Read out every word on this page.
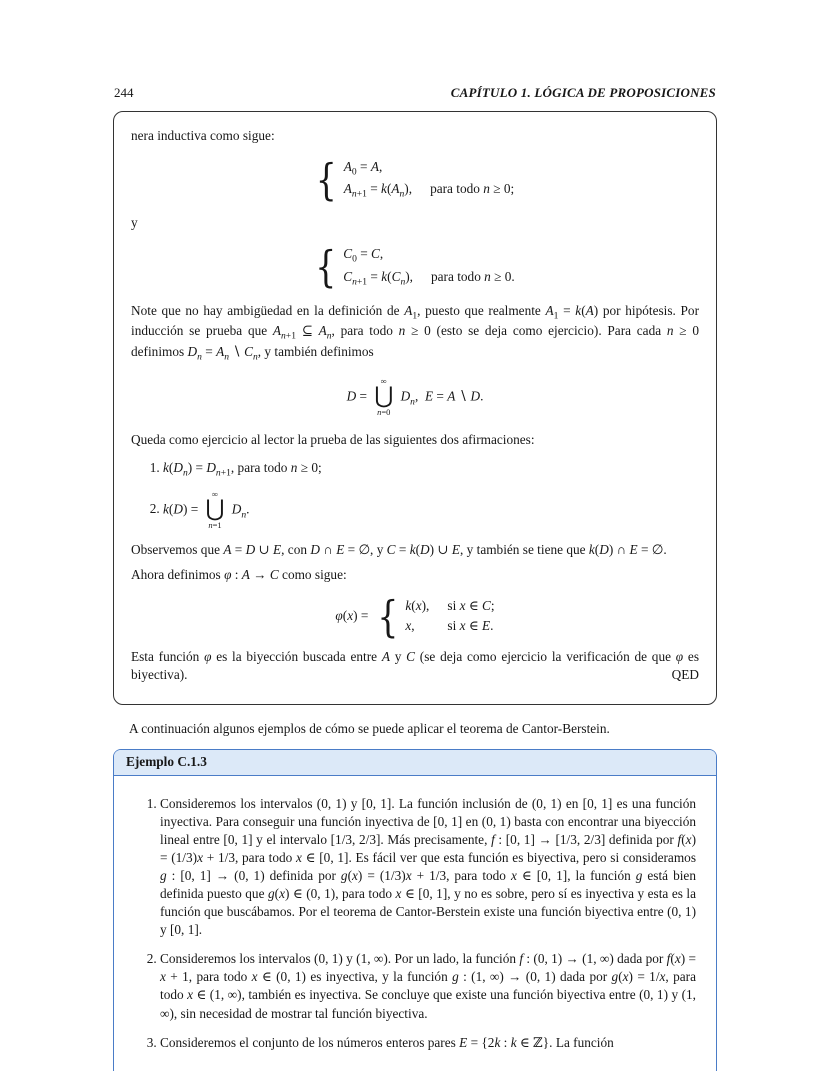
244	CAPÍTULO 1. LÓGICA DE PROPOSICIONES

nera inductiva como sigue:

{ $A_0 = A$,
$A_{n+1} = k(A_n)$, para todo n ≥ 0;

y

{ $C_0 = C$,
$C_{n+1} = k(C_n)$, para todo n ≥ 0.

Note que no hay ambigüedad en la definición de $A_1$, puesto que realmente $A_1 = k(A)$ por hipótesis. Por inducción se prueba que $A_{n+1}$ ⊆ $A_n$, para todo n ≥ 0 (esto se deja como ejercicio). Para cada n ≥ 0 definimos $D_n = A_n$ ∖ $C_n$, y también definimos

D =
∞
⋃
n=0
$D_n$,  E = A ∖ D.

Queda como ejercicio al lector la prueba de las siguientes dos afirmaciones:

1. $k(D_n) = D_{n+1}$, para todo n ≥ 0;
2. k(D) =
∞
⋃
n=1
$D_n$.

Observemos que A = D ∪ E, con D ∩ E = ∅, y C = k(D) ∪ E, y también se tiene que k(D) ∩ E = ∅.

Ahora definimos φ : A → C como sigue:

φ(x) = { k(x), si x ∈ C;
x,	si x ∈ E.

Esta función φ es la biyección buscada entre A y C (se deja como ejercicio la verificación de que φ es biyectiva).	QED

A continuación algunos ejemplos de cómo se puede aplicar el teorema de Cantor-Berstein.

Ejemplo C.1.3
1. Consideremos los intervalos (0, 1) y [0, 1]. La función inclusión de (0, 1) en [0, 1] es una función inyectiva. Para conseguir una función inyectiva de [0, 1] en (0, 1) basta con encontrar una biyección lineal entre [0, 1] y el intervalo [1/3, 2/3]. Más precisamente, f : [0, 1] → [1/3, 2/3] definida por f(x) = (1/3)x + 1/3, para todo x ∈ [0, 1]. Es fácil ver que esta función es biyectiva, pero si consideramos g : [0, 1] → (0, 1) definida por g(x) = (1/3)x + 1/3, para todo x ∈ [0, 1], la función g está bien definida puesto que g(x) ∈ (0, 1), para todo x ∈ [0, 1], y no es sobre, pero sí es inyectiva y esta es la función que buscábamos. Por el teorema de Cantor-Berstein existe una función biyectiva entre (0, 1) y [0, 1].
2. Consideremos los intervalos (0, 1) y (1, ∞). Por un lado, la función f : (0, 1) → (1, ∞) dada por f(x) = x + 1, para todo x ∈ (0, 1) es inyectiva, y la función g : (1, ∞) → (0, 1) dada por g(x) = 1/x, para todo x ∈ (1, ∞), también es inyectiva. Se concluye que existe una función biyectiva entre (0, 1) y (1, ∞), sin necesidad de mostrar tal función biyectiva.
3. Consideremos el conjunto de los números enteros pares E = {2k : k ∈ ℤ}. La función
